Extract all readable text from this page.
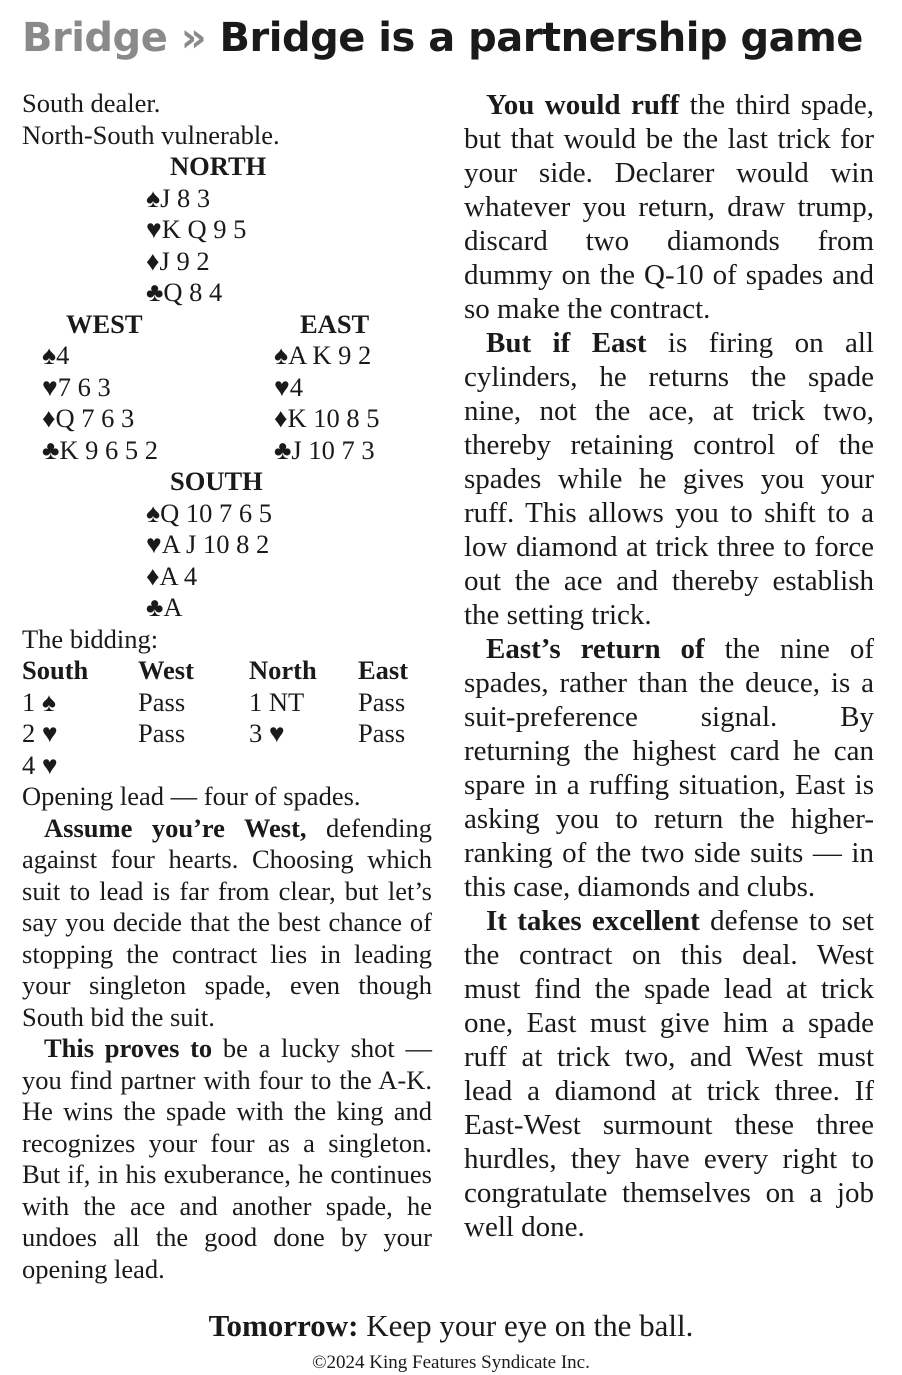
Bridge » Bridge is a partnership game
South dealer.
North-South vulnerable.
NORTH
♠J 8 3
♥K Q 9 5
♦J 9 2
♣Q 8 4
WEST	EAST
♠4	♠A K 9 2
♥7 6 3	♥4
♦Q 7 6 3	♦K 10 8 5
♣K 9 6 5 2	♣J 10 7 3
SOUTH
♠Q 10 7 6 5
♥A J 10 8 2
♦A 4
♣A
The bidding:
South West North East
1 ♠	Pass 1 NT Pass
2 ♥	Pass 3 ♥	Pass
4 ♥
Opening lead — four of spades.

Assume you’re West, defending against four hearts. Choosing which suit to lead is far from clear, but let’s say you decide that the best chance of stopping the contract lies in leading your singleton spade, even though South bid the suit.

This proves to be a lucky shot — you find partner with four to the A-K. He wins the spade with the king and recognizes your four as a singleton. But if, in his exuberance, he continues with the ace and another spade, he undoes all the good done by your opening lead.

You would ruff the third spade, but that would be the last trick for your side. Declarer would win whatever you return, draw trump, discard two diamonds from dummy on the Q-10 of spades and so make the contract.

But if East is firing on all cylinders, he returns the spade nine, not the ace, at trick two, thereby retaining control of the spades while he gives you your ruff. This allows you to shift to a low diamond at trick three to force out the ace and thereby establish the setting trick.

East’s return of the nine of spades, rather than the deuce, is a suit-preference signal. By returning the highest card he can spare in a ruffing situation, East is asking you to return the higher-ranking of the two side suits — in this case, diamonds and clubs.

It takes excellent defense to set the contract on this deal. West must find the spade lead at trick one, East must give him a spade ruff at trick two, and West must lead a diamond at trick three. If East-West surmount these three hurdles, they have every right to congratulate themselves on a job well done.

Tomorrow: Keep your eye on the ball.
©2024 King Features Syndicate Inc.
